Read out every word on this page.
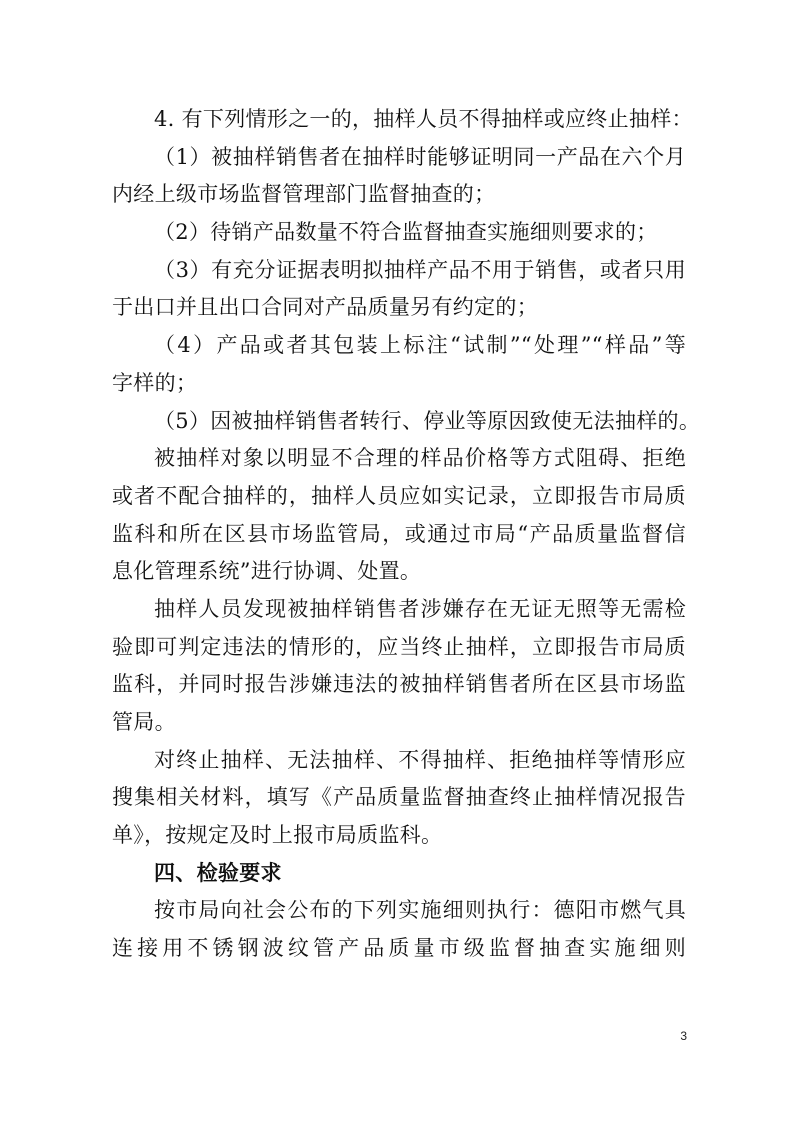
4. 有下列情形之一的，抽样人员不得抽样或应终止抽样：
（1）被抽样销售者在抽样时能够证明同一产品在六个月
内经上级市场监督管理部门监督抽查的；
（2）待销产品数量不符合监督抽查实施细则要求的；
（3）有充分证据表明拟抽样产品不用于销售，或者只用
于出口并且出口合同对产品质量另有约定的；
（4）产品或者其包装上标注“试制”“处理”“样品”等
字样的；
（5）因被抽样销售者转行、停业等原因致使无法抽样的。
被抽样对象以明显不合理的样品价格等方式阻碍、拒绝
或者不配合抽样的，抽样人员应如实记录，立即报告市局质
监科和所在区县市场监管局，或通过市局“产品质量监督信
息化管理系统”进行协调、处置。
抽样人员发现被抽样销售者涉嫌存在无证无照等无需检
验即可判定违法的情形的，应当终止抽样，立即报告市局质
监科，并同时报告涉嫌违法的被抽样销售者所在区县市场监
管局。
对终止抽样、无法抽样、不得抽样、拒绝抽样等情形应
搜集相关材料，填写《产品质量监督抽查终止抽样情况报告
单》，按规定及时上报市局质监科。
四、检验要求
按市局向社会公布的下列实施细则执行：德阳市燃气具
连接用不锈钢波纹管产品质量市级监督抽查实施细则
3
